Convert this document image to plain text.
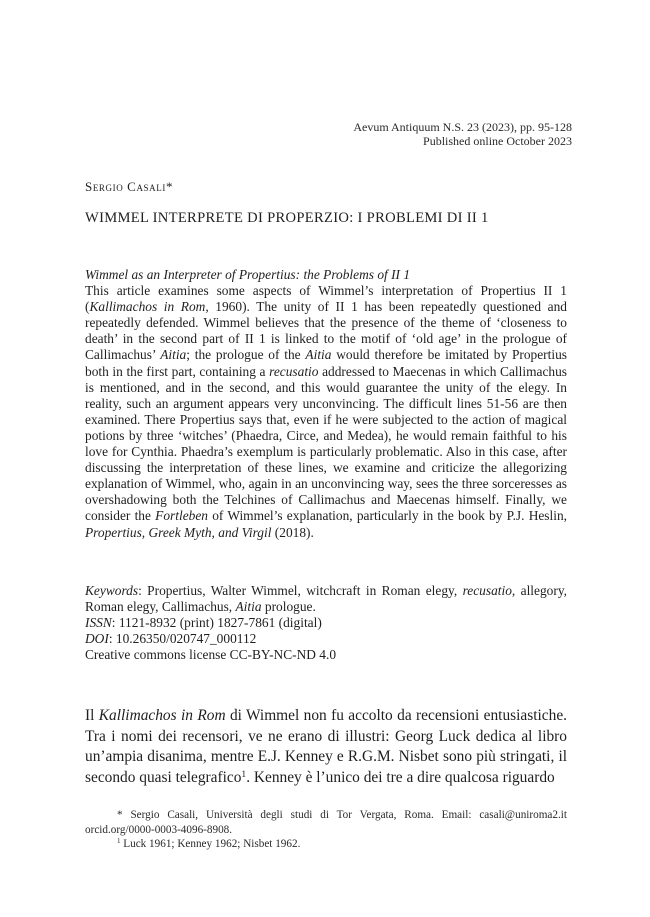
Aevum Antiquum N.S. 23 (2023), pp. 95-128
Published online October 2023
Sergio Casali*
WIMMEL INTERPRETE DI PROPERZIO: I PROBLEMI DI II 1
Wimmel as an Interpreter of Propertius: the Problems of II 1

This article examines some aspects of Wimmel’s interpretation of Propertius II 1 (Kallimachos in Rom, 1960). The unity of II 1 has been repeatedly questioned and repeatedly defended. Wimmel believes that the presence of the theme of ‘closeness to death’ in the second part of II 1 is linked to the motif of ‘old age’ in the prologue of Callimachus’ Aitia; the prologue of the Aitia would therefore be imitated by Propertius both in the first part, containing a recusatio addressed to Maecenas in which Callimachus is mentioned, and in the second, and this would guarantee the unity of the elegy. In reality, such an argument appears very unconvincing. The difficult lines 51-56 are then examined. There Propertius says that, even if he were subjected to the action of magical potions by three ‘witches’ (Phaedra, Circe, and Medea), he would remain faithful to his love for Cynthia. Phaedra’s exemplum is particularly problematic. Also in this case, after discussing the interpretation of these lines, we examine and criticize the allegorizing explanation of Wimmel, who, again in an unconvincing way, sees the three sorceresses as overshadowing both the Telchines of Callimachus and Maecenas himself. Finally, we consider the Fortleben of Wimmel’s explanation, particularly in the book by P.J. Heslin, Propertius, Greek Myth, and Virgil (2018).

Keywords: Propertius, Walter Wimmel, witchcraft in Roman elegy, recusatio, allegory, Roman elegy, Callimachus, Aitia prologue.

ISSN: 1121-8932 (print) 1827-7861 (digital)
DOI: 10.26350/020747_000112
Creative commons license CC-BY-NC-ND 4.0

Il Kallimachos in Rom di Wimmel non fu accolto da recensioni entusiastiche. Tra i nomi dei recensori, ve ne erano di illustri: Georg Luck dedica al libro un’ampia disanima, mentre E.J. Kenney e R.G.M. Nisbet sono più stringati, il secondo quasi telegrafico$^1$. Kenney è l’unico dei tre a dire qualcosa riguardo

* Sergio Casali, Università degli studi di Tor Vergata, Roma. Email: casali@uniroma2.it orcid.org/0000-0003-4096-8908.

$^1$ Luck 1961; Kenney 1962; Nisbet 1962.
